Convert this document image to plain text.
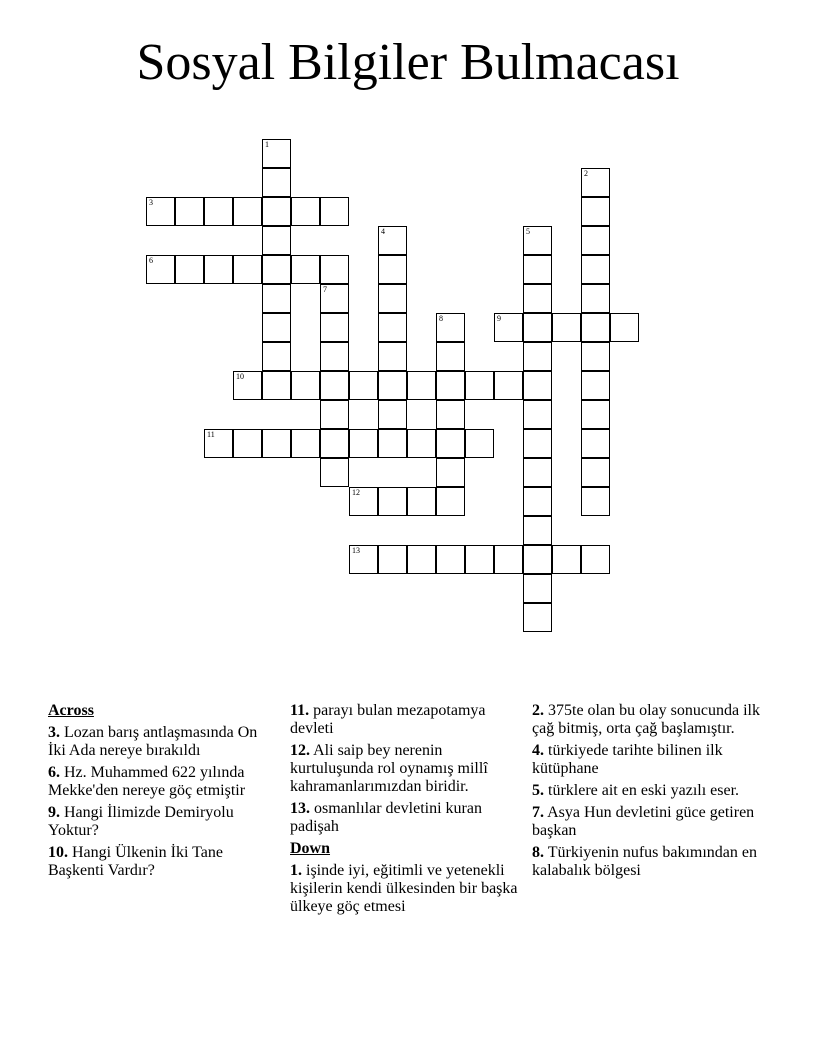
Sosyal Bilgiler Bulmacası
1
2
3
4	5
6
7
8	9
10
11
12
13
Across
3. Lozan barış antlaşmasında On İki Ada nereye bırakıldı
6. Hz. Muhammed 622 yılında Mekke'den nereye göç etmiştir
9. Hangi İlimizde Demiryolu Yoktur?
10. Hangi Ülkenin İki Tane Başkenti Vardır?
11. parayı bulan mezapotamya devleti
12. Ali saip bey nerenin kurtuluşunda rol oynamış millî kahramanlarımızdan biridir.
13. osmanlılar devletini kuran padişah
Down
1. işinde iyi, eğitimli ve yetenekli kişilerin kendi ülkesinden bir başka ülkeye göç etmesi
2. 375te olan bu olay sonucunda ilk çağ bitmiş, orta çağ başlamıştır.
4. türkiyede tarihte bilinen ilk kütüphane
5. türklere ait en eski yazılı eser.
7. Asya Hun devletini güce getiren başkan
8. Türkiyenin nufus bakımından en kalabalık bölgesi
